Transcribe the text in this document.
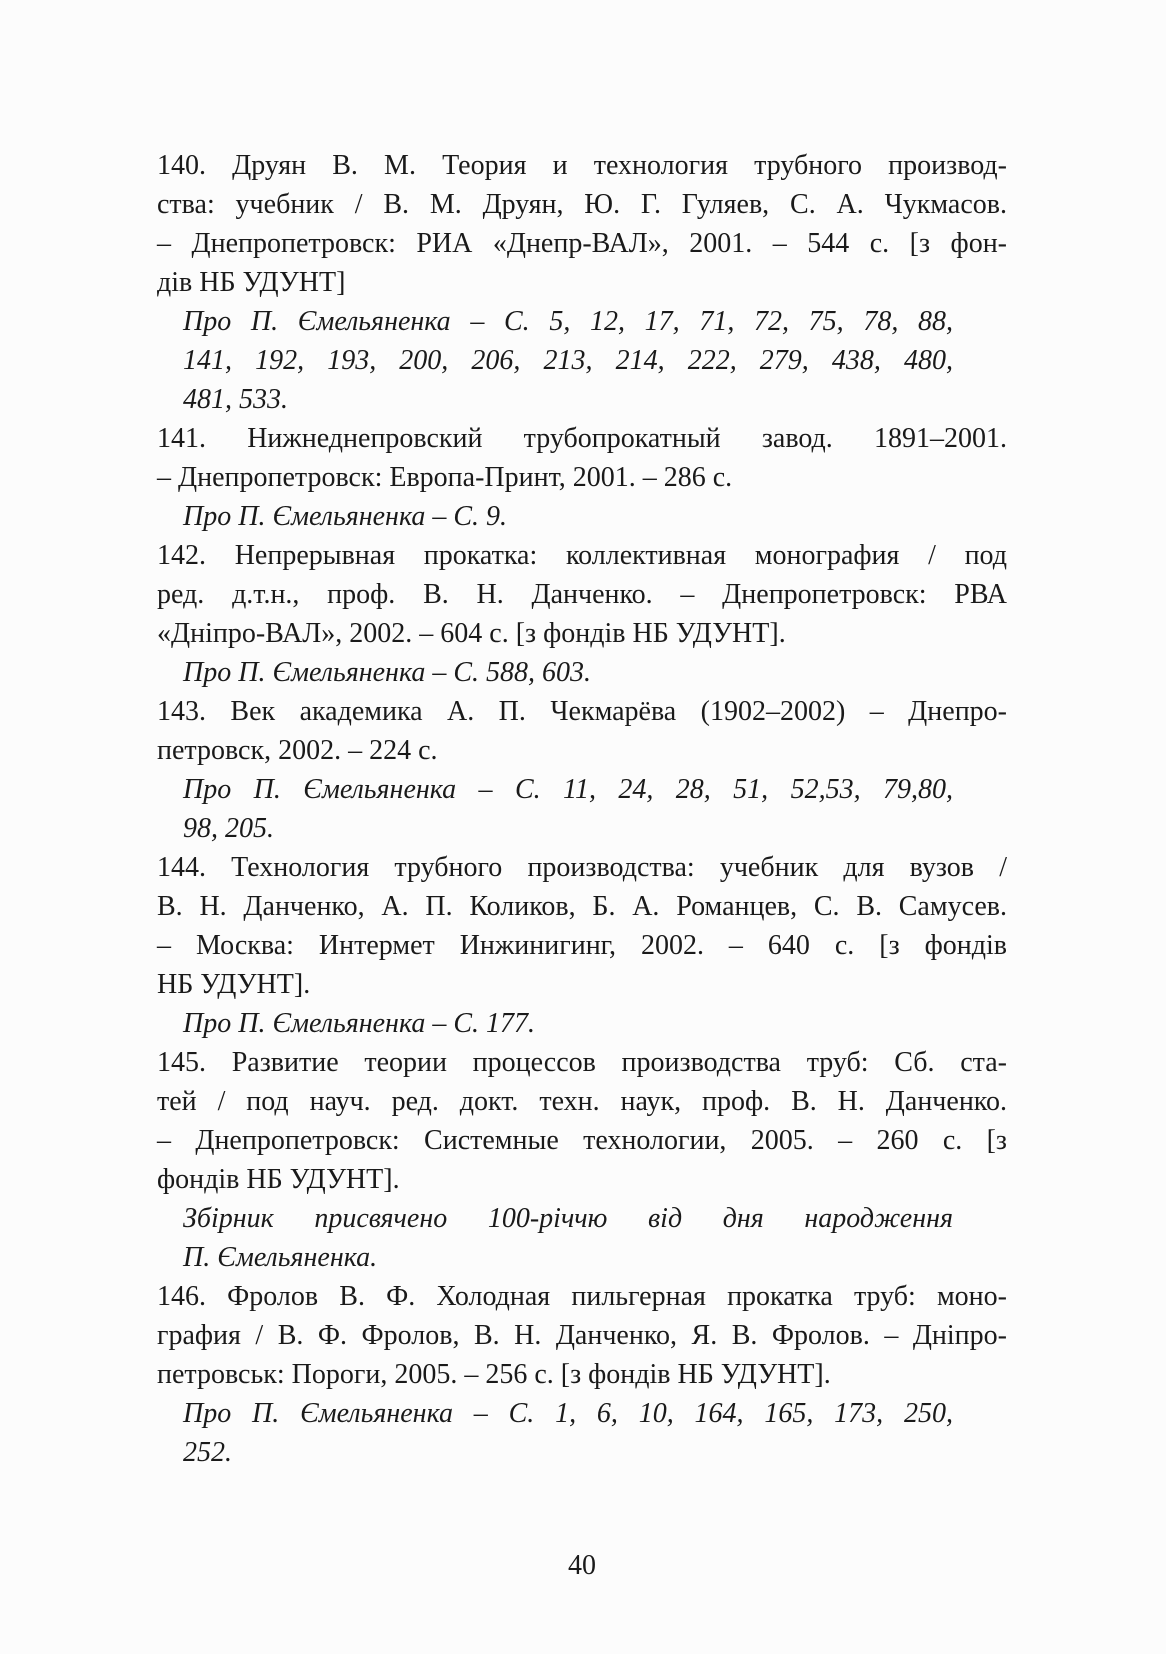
140. Друян В. М. Теория и технология трубного производ-
ства: учебник / В. М. Друян, Ю. Г. Гуляев, С. А. Чукмасов.
– Днепропетровск: РИА «Днепр-ВАЛ», 2001. – 544 с. [з фон-
дів НБ УДУНТ]
Про П. Ємельяненка – С. 5, 12, 17, 71, 72, 75, 78, 88,
141, 192, 193, 200, 206, 213, 214, 222, 279, 438, 480,
481, 533.
141. Нижнеднепровский трубопрокатный завод. 1891–2001.
– Днепропетровск: Европа-Принт, 2001. – 286 с.
Про П. Ємельяненка – С. 9.
142. Непрерывная прокатка: коллективная монография / под
ред. д.т.н., проф. В. Н. Данченко. – Днепропетровск: РВА
«Дніпро-ВАЛ», 2002. – 604 с. [з фондів НБ УДУНТ].
Про П. Ємельяненка – С. 588, 603.
143. Век академика А. П. Чекмарёва (1902–2002) – Днепро-
петровск, 2002. – 224 с.
Про П. Ємельяненка – С. 11, 24, 28, 51, 52,53, 79,80,
98, 205.
144. Технология трубного производства: учебник для вузов /
В. Н. Данченко, А. П. Коликов, Б. А. Романцев, С. В. Самусев.
– Москва: Интермет Инжинигинг, 2002. – 640 с. [з фондів
НБ УДУНТ].
Про П. Ємельяненка – С. 177.
145. Развитие теории процессов производства труб: Сб. ста-
тей / под науч. ред. докт. техн. наук, проф. В. Н. Данченко.
– Днепропетровск: Системные технологии, 2005. – 260 с. [з
фондів НБ УДУНТ].
Збірник присвячено 100-річчю від дня народження
П. Ємельяненка.
146. Фролов В. Ф. Холодная пильгерная прокатка труб: моно-
графия / В. Ф. Фролов, В. Н. Данченко, Я. В. Фролов. – Дніпро-
петровськ: Пороги, 2005. – 256 с. [з фондів НБ УДУНТ].
Про П. Ємельяненка – С. 1, 6, 10, 164, 165, 173, 250,
252.
40
